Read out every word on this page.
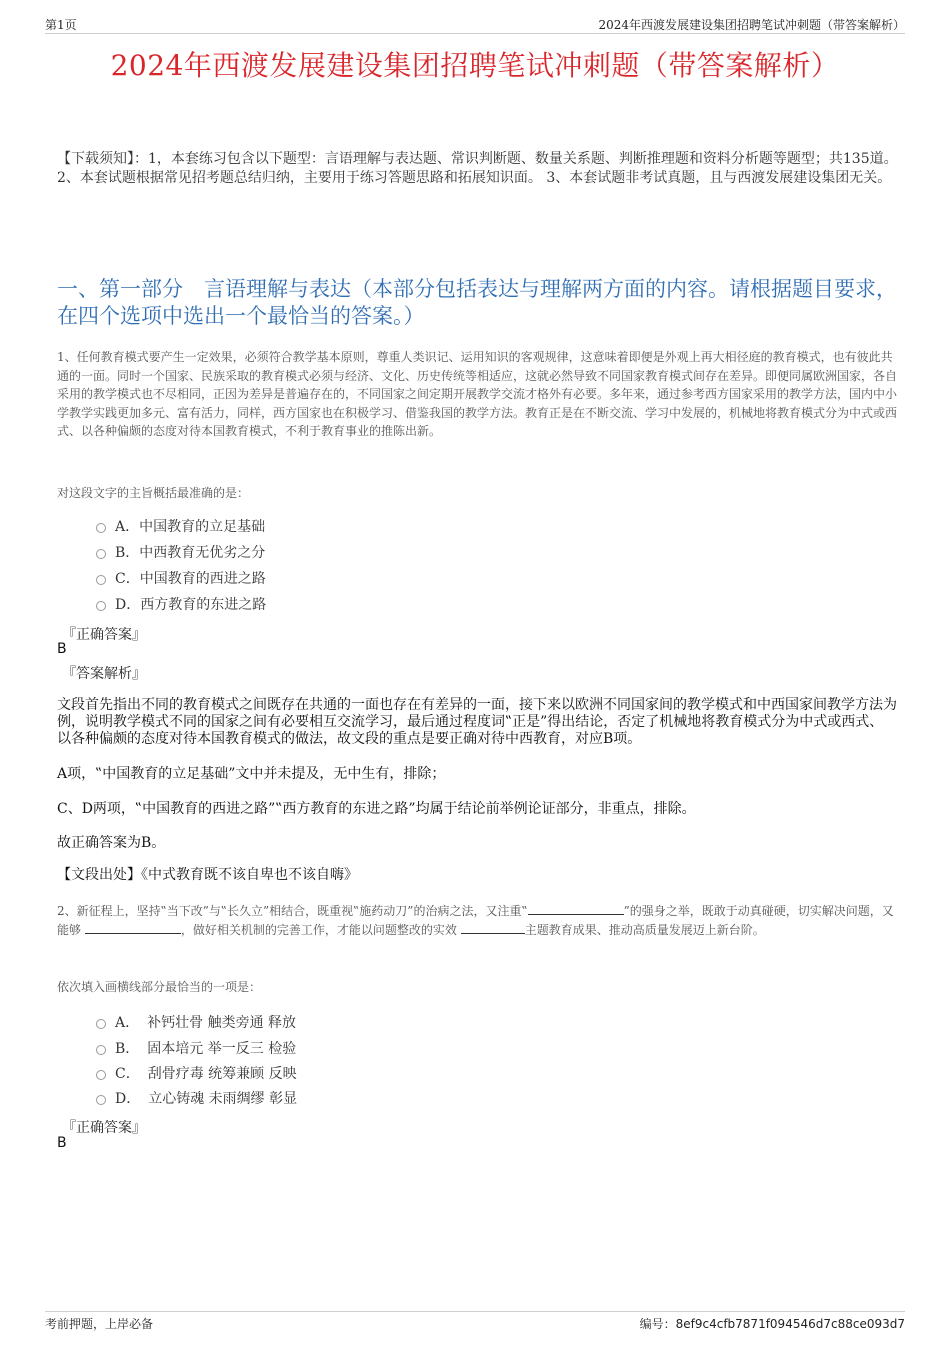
第1页	2024年西渡发展建设集团招聘笔试冲刺题（带答案解析）
2024年西渡发展建设集团招聘笔试冲刺题（带答案解析）
【下载须知】：1，本套练习包含以下题型：言语理解与表达题、常识判断题、数量关系题、判断推理题和资料分析题等题型；共135道。 2、本套试题根据常见招考题总结归纳，主要用于练习答题思路和拓展知识面。 3、本套试题非考试真题，且与西渡发展建设集团无关。
一、第一部分　言语理解与表达（本部分包括表达与理解两方面的内容。请根据题目要求，在四个选项中选出一个最恰当的答案。）
1、任何教育模式要产生一定效果，必须符合教学基本原则，尊重人类识记、运用知识的客观规律，这意味着即便是外观上再大相径庭的教育模式，也有彼此共通的一面。同时一个国家、民族采取的教育模式必须与经济、文化、历史传统等相适应，这就必然导致不同国家教育模式间存在差异。即便同属欧洲国家，各自采用的教学模式也不尽相同，正因为差异是普遍存在的，不同国家之间定期开展教学交流才格外有必要。多年来，通过参考西方国家采用的教学方法，国内中小学教学实践更加多元、富有活力，同样，西方国家也在积极学习、借鉴我国的教学方法。教育正是在不断交流、学习中发展的，机械地将教育模式分为中式或西式、以各种偏颇的态度对待本国教育模式，不利于教育事业的推陈出新。
对这段文字的主旨概括最准确的是：
A． 中国教育的立足基础
B． 中西教育无优劣之分
C． 中国教育的西进之路
D． 西方教育的东进之路
『正确答案』
B
『答案解析』
文段首先指出不同的教育模式之间既存在共通的一面也存在有差异的一面，接下来以欧洲不同国家间的教学模式和中西国家间教学方法为例，说明教学模式不同的国家之间有必要相互交流学习，最后通过程度词‟正是”得出结论，否定了机械地将教育模式分为中式或西式、以各种偏颇的态度对待本国教育模式的做法，故文段的重点是要正确对待中西教育，对应B项。
A项，‟中国教育的立足基础”文中并未提及，无中生有，排除；
C、D两项，‟中国教育的西进之路”‟西方教育的东进之路”均属于结论前举例论证部分，非重点，排除。
故正确答案为B。
【文段出处】《中式教育既不该自卑也不该自嗨》
2、新征程上，坚持‟当下改”与‟长久立”相结合，既重视‟施药动刀”的治病之法，又注重‟	”的强身之举，既敢于动真碰硬，切实解决问题，又能够	，做好相关机制的完善工作，才能以问题整改的实效	主题教育成果、推动高质量发展迈上新台阶。
依次填入画横线部分最恰当的一项是：
A． 补钙壮骨 触类旁通 释放
B． 固本培元 举一反三 检验
C． 刮骨疗毒 统筹兼顾 反映
D． 立心铸魂 未雨绸缪 彰显
『正确答案』
B
考前押题，上岸必备	编号：8ef9c4cfb7871f094546d7c88ce093d7
